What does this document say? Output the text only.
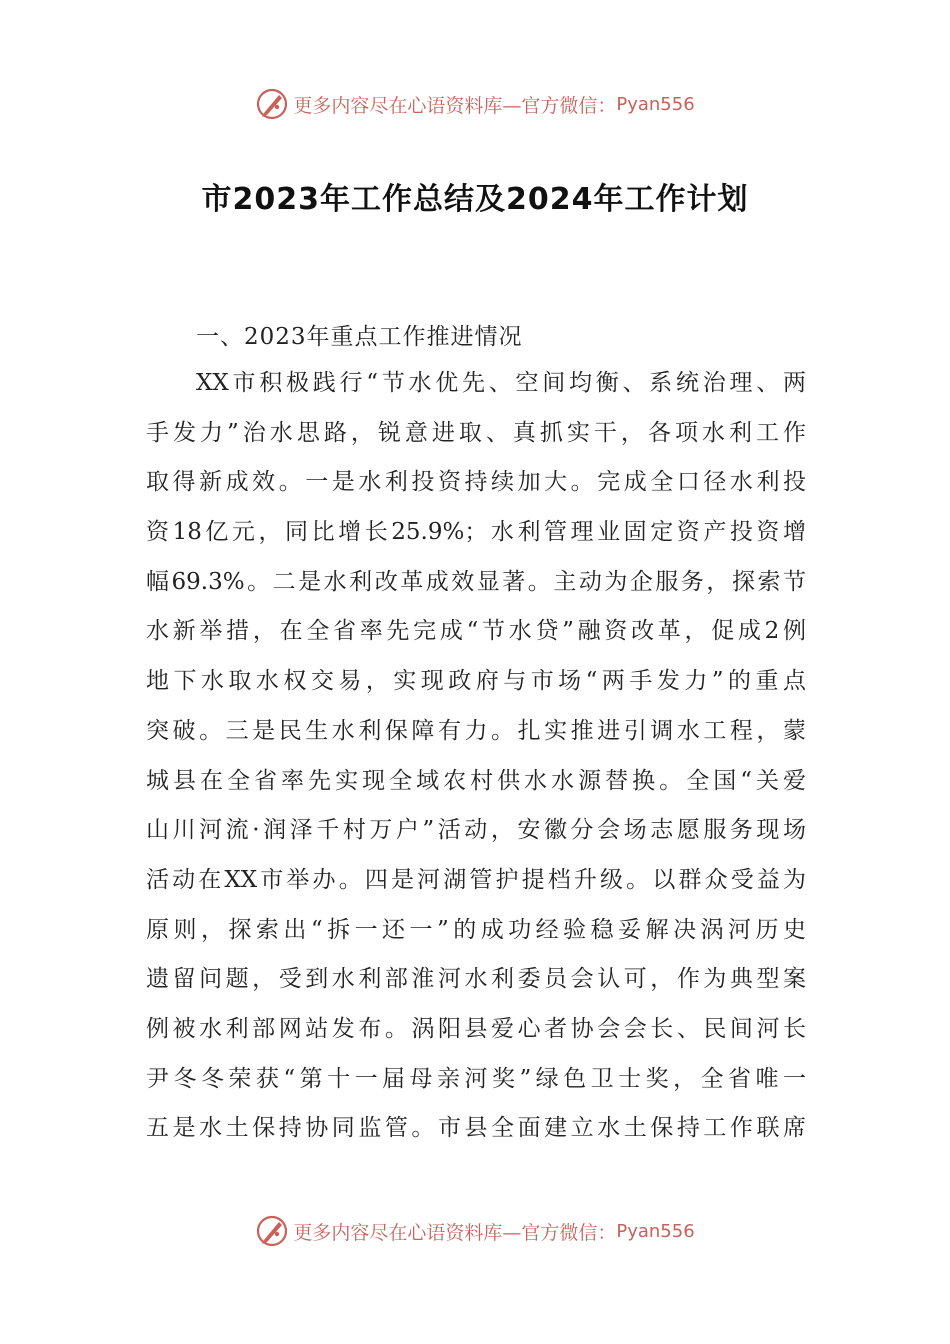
更多内容尽在心语资料库—官方微信： Pyan556
市2023年工作总结及2024年工作计划
一、2023年重点工作推进情况
XX市积极践行“节水优先、空间均衡、系统治理、两
手发力”治水思路，锐意进取、真抓实干，各项水利工作
取得新成效。一是水利投资持续加大。完成全口径水利投
资18亿元，同比增长25.9%；水利管理业固定资产投资增
幅69.3%。二是水利改革成效显著。主动为企服务，探索节
水新举措，在全省率先完成“节水贷”融资改革，促成2例
地下水取水权交易，实现政府与市场“两手发力”的重点
突破。三是民生水利保障有力。扎实推进引调水工程，蒙
城县在全省率先实现全域农村供水水源替换。全国“关爱
山川河流·润泽千村万户”活动，安徽分会场志愿服务现场
活动在XX市举办。四是河湖管护提档升级。以群众受益为
原则，探索出“拆一还一”的成功经验稳妥解决涡河历史
遗留问题，受到水利部淮河水利委员会认可，作为典型案
例被水利部网站发布。涡阳县爱心者协会会长、民间河长
尹冬冬荣获“第十一届母亲河奖”绿色卫士奖，全省唯一
五是水土保持协同监管。市县全面建立水土保持工作联席
更多内容尽在心语资料库—官方微信： Pyan556
